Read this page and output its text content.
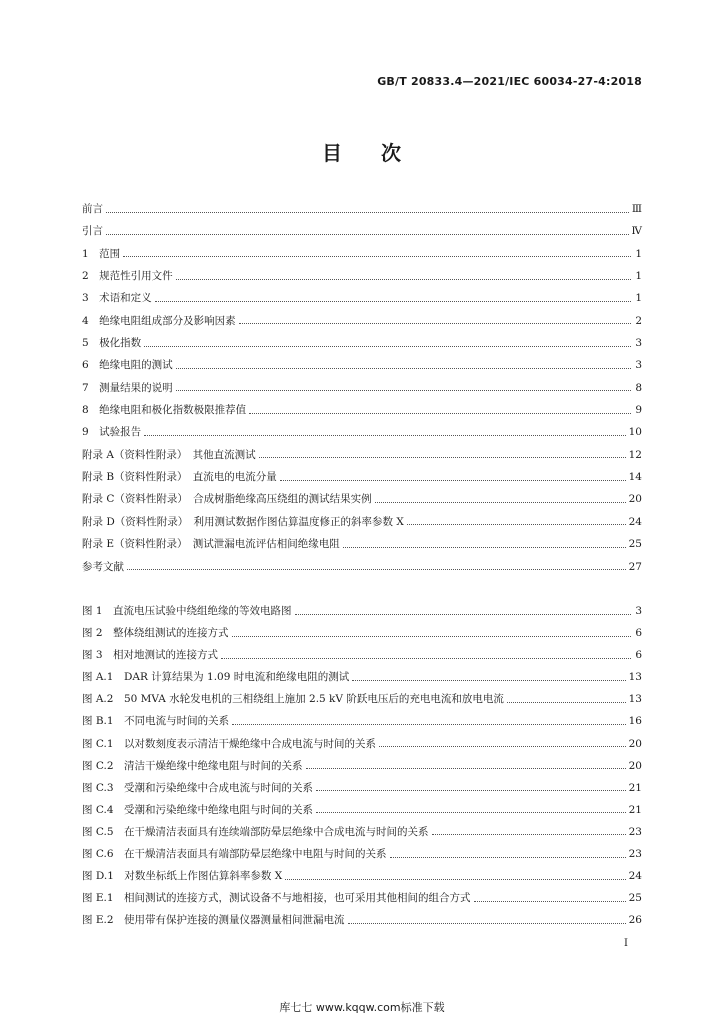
GB/T 20833.4—2021/IEC 60034-27-4:2018
目 次
前言	Ⅲ
引言	Ⅳ
1　范围	1
2　规范性引用文件	1
3　术语和定义	1
4　绝缘电阻组成部分及影响因素	2
5　极化指数	3
6　绝缘电阻的测试	3
7　测量结果的说明	8
8　绝缘电阻和极化指数极限推荐值	9
9　试验报告	10
附录 A（资料性附录）　其他直流测试	12
附录 B（资料性附录）　直流电的电流分量	14
附录 C（资料性附录）　合成树脂绝缘高压绕组的测试结果实例	20
附录 D（资料性附录）　利用测试数据作图估算温度修正的斜率参数 X	24
附录 E（资料性附录）　测试泄漏电流评估相间绝缘电阻	25
参考文献	27
图 1　直流电压试验中绕组绝缘的等效电路图	3
图 2　整体绕组测试的连接方式	6
图 3　相对地测试的连接方式	6
图 A.1　DAR 计算结果为 1.09 时电流和绝缘电阻的测试	13
图 A.2　50 MVA 水轮发电机的三相绕组上施加 2.5 kV 阶跃电压后的充电电流和放电电流	13
图 B.1　不同电流与时间的关系	16
图 C.1　以对数刻度表示清洁干燥绝缘中合成电流与时间的关系	20
图 C.2　清洁干燥绝缘中绝缘电阻与时间的关系	20
图 C.3　受潮和污染绝缘中合成电流与时间的关系	21
图 C.4　受潮和污染绝缘中绝缘电阻与时间的关系	21
图 C.5　在干燥清洁表面具有连续端部防晕层绝缘中合成电流与时间的关系	23
图 C.6　在干燥清洁表面具有端部防晕层绝缘中电阻与时间的关系	23
图 D.1　对数坐标纸上作图估算斜率参数 X	24
图 E.1　相间测试的连接方式，测试设备不与地相接，也可采用其他相间的组合方式	25
图 E.2　使用带有保护连接的测量仪器测量相间泄漏电流	26
I
库七七 www.kqqw.com标准下载
